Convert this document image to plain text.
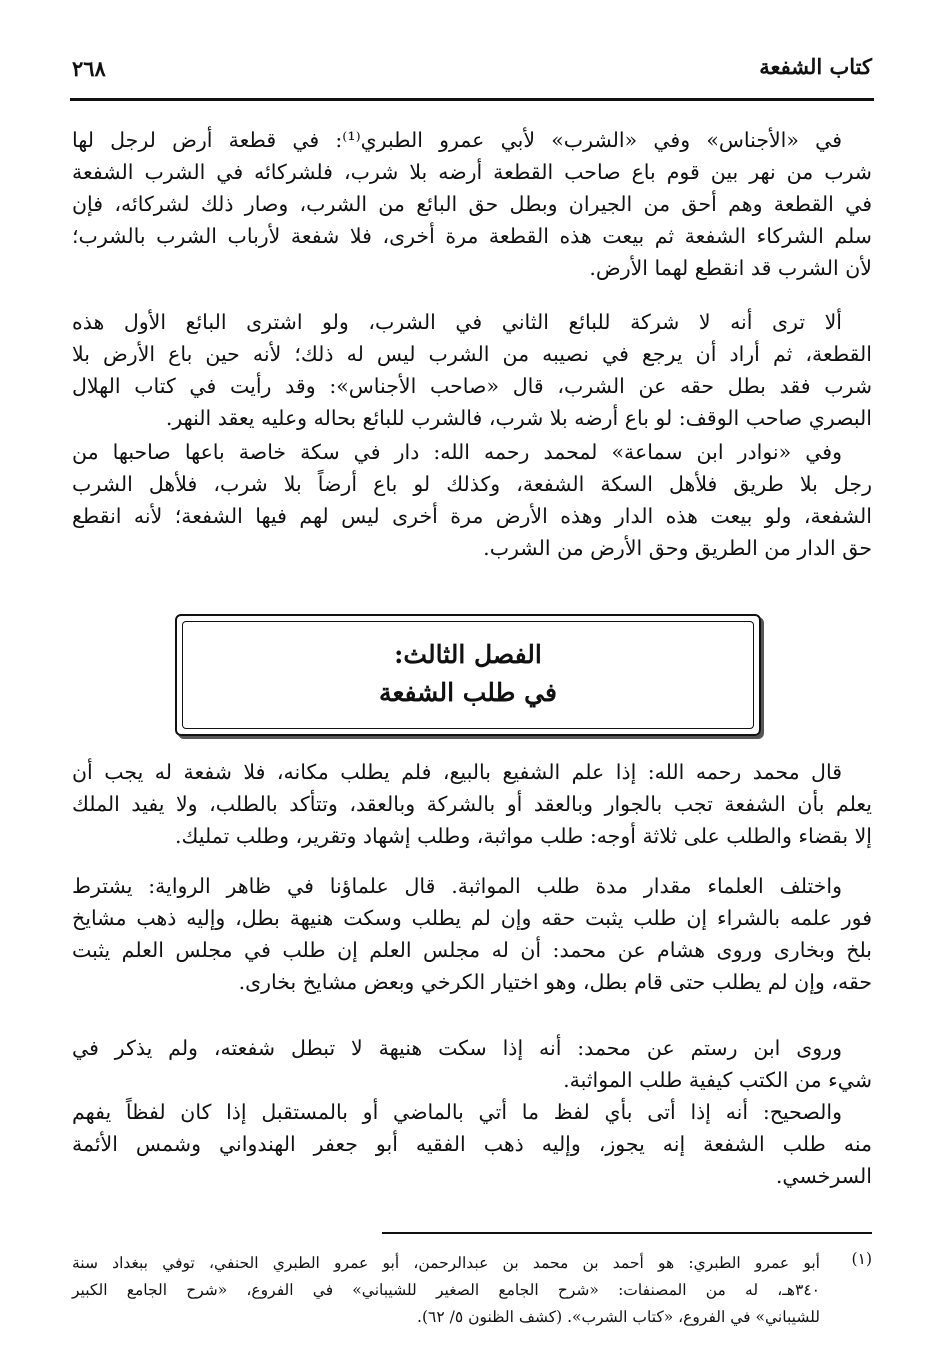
كتاب الشفعة
٢٦٨
في «الأجناس» وفي «الشرب» لأبي عمرو الطبري⁽¹⁾: في قطعة أرض لرجل لها
شرب من نهر بين قوم باع صاحب القطعة أرضه بلا شرب، فلشركائه في الشرب الشفعة
في القطعة وهم أحق من الجيران وبطل حق البائع من الشرب، وصار ذلك لشركائه، فإن
سلم الشركاء الشفعة ثم بيعت هذه القطعة مرة أخرى، فلا شفعة لأرباب الشرب بالشرب؛
لأن الشرب قد انقطع لهما الأرض.
ألا ترى أنه لا شركة للبائع الثاني في الشرب، ولو اشترى البائع الأول هذه
القطعة، ثم أراد أن يرجع في نصيبه من الشرب ليس له ذلك؛ لأنه حين باع الأرض بلا
شرب فقد بطل حقه عن الشرب، قال «صاحب الأجناس»: وقد رأيت في كتاب الهلال
البصري صاحب الوقف: لو باع أرضه بلا شرب، فالشرب للبائع بحاله وعليه يعقد النهر.
وفي «نوادر ابن سماعة» لمحمد رحمه الله: دار في سكة خاصة باعها صاحبها من
رجل بلا طريق فلأهل السكة الشفعة، وكذلك لو باع أرضاً بلا شرب، فلأهل الشرب
الشفعة، ولو بيعت هذه الدار وهذه الأرض مرة أخرى ليس لهم فيها الشفعة؛ لأنه انقطع
حق الدار من الطريق وحق الأرض من الشرب.
الفصل الثالث:
في طلب الشفعة
قال محمد رحمه الله: إذا علم الشفيع بالبيع، فلم يطلب مكانه، فلا شفعة له يجب أن
يعلم بأن الشفعة تجب بالجوار وبالعقد أو بالشركة وبالعقد، وتتأكد بالطلب، ولا يفيد الملك
إلا بقضاء والطلب على ثلاثة أوجه: طلب مواثبة، وطلب إشهاد وتقرير، وطلب تمليك.
واختلف العلماء مقدار مدة طلب المواثبة. قال علماؤنا في ظاهر الرواية: يشترط
فور علمه بالشراء إن طلب يثبت حقه وإن لم يطلب وسكت هنيهة بطل، وإليه ذهب مشايخ
بلخ وبخارى وروى هشام عن محمد: أن له مجلس العلم إن طلب في مجلس العلم يثبت
حقه، وإن لم يطلب حتى قام بطل، وهو اختيار الكرخي وبعض مشايخ بخارى.
وروى ابن رستم عن محمد: أنه إذا سكت هنيهة لا تبطل شفعته، ولم يذكر في
شيء من الكتب كيفية طلب المواثبة.
والصحيح: أنه إذا أتى بأي لفظ ما أتي بالماضي أو بالمستقبل إذا كان لفظاً يفهم
منه طلب الشفعة إنه يجوز، وإليه ذهب الفقيه أبو جعفر الهندواني وشمس الأئمة
السرخسي.
(١)
أبو عمرو الطبري: هو أحمد بن محمد بن عبدالرحمن، أبو عمرو الطبري الحنفي، توفي ببغداد سنة
٣٤٠هـ، له من المصنفات: «شرح الجامع الصغير للشيباني» في الفروع، «شرح الجامع الكبير
للشيباني» في الفروع، «كتاب الشرب». (كشف الظنون ٥/ ٦٢).
